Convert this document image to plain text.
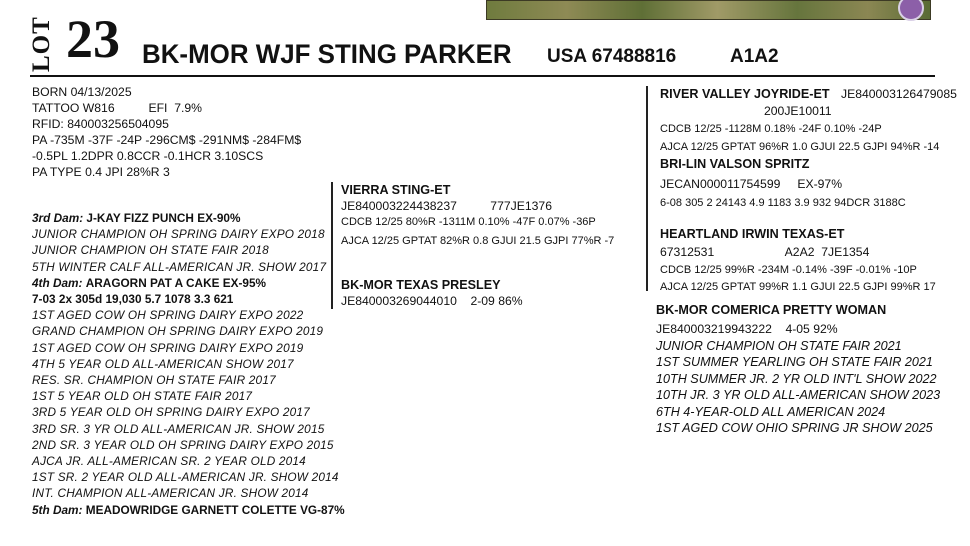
LOT 23 BK-MOR WJF STING PARKER USA 67488816	A1A2
BORN 04/13/2025
TATTOO W816          EFI  7.9%
RFID: 840003256504095
PA -735M -37F -24P -296CM$ -291NM$ -284FM$
-0.5PL 1.2DPR 0.8CCR -0.1HCR 3.10SCS
PA TYPE 0.4 JPI 28%R 3
3rd Dam: J-KAY FIZZ PUNCH EX-90%
JUNIOR CHAMPION OH SPRING DAIRY EXPO 2018
JUNIOR CHAMPION OH STATE FAIR 2018
5TH WINTER CALF ALL-AMERICAN JR. SHOW 2017
4th Dam: ARAGORN PAT A CAKE EX-95%
7-03 2x 305d 19,030 5.7 1078 3.3 621
1ST AGED COW OH SPRING DAIRY EXPO 2022
GRAND CHAMPION OH SPRING DAIRY EXPO 2019
1ST AGED COW OH SPRING DAIRY EXPO 2019
4TH 5 YEAR OLD ALL-AMERICAN SHOW 2017
RES. SR. CHAMPION OH STATE FAIR 2017
1ST 5 YEAR OLD OH STATE FAIR 2017
3RD 5 YEAR OLD OH SPRING DAIRY EXPO 2017
3RD SR. 3 YR OLD ALL-AMERICAN JR. SHOW 2015
2ND SR. 3 YEAR OLD OH SPRING DAIRY EXPO 2015
AJCA JR. ALL-AMERICAN SR. 2 YEAR OLD 2014
1ST SR. 2 YEAR OLD ALL-AMERICAN JR. SHOW 2014
INT. CHAMPION ALL-AMERICAN JR. SHOW 2014
5th Dam: MEADOWRIDGE GARNETT COLETTE VG-87%
VIERRA STING-ET
JE840003224438237	777JE1376
CDCB 12/25 80%R -1311M 0.10% -47F 0.07% -36P
AJCA 12/25 GPTAT 82%R 0.8 GJUI 21.5 GJPI 77%R -7
BK-MOR TEXAS PRESLEY
JE840003269044010    2-09 86%
RIVER VALLEY JOYRIDE-ET JE840003126479085
200JE10011
CDCB 12/25 -1128M 0.18% -24F 0.10% -24P
AJCA 12/25 GPTAT 96%R 1.0 GJUI 22.5 GJPI 94%R -14
BRI-LIN VALSON SPRITZ
JECAN000011754599     EX-97%
6-08 305 2 24143 4.9 1183 3.9 932 94DCR 3188C
HEARTLAND IRWIN TEXAS-ET
67312531                     A2A2  7JE1354
CDCB 12/25 99%R -234M -0.14% -39F -0.01% -10P
AJCA 12/25 GPTAT 99%R 1.1 GJUI 22.5 GJPI 99%R 17
BK-MOR COMERICA PRETTY WOMAN
JE840003219943222    4-05 92%
JUNIOR CHAMPION OH STATE FAIR 2021
1ST SUMMER YEARLING OH STATE FAIR 2021
10TH SUMMER JR. 2 YR OLD INT'L SHOW 2022
10TH JR. 3 YR OLD ALL-AMERICAN SHOW 2023
6TH 4-YEAR-OLD ALL AMERICAN 2024
1ST AGED COW OHIO SPRING JR SHOW 2025
